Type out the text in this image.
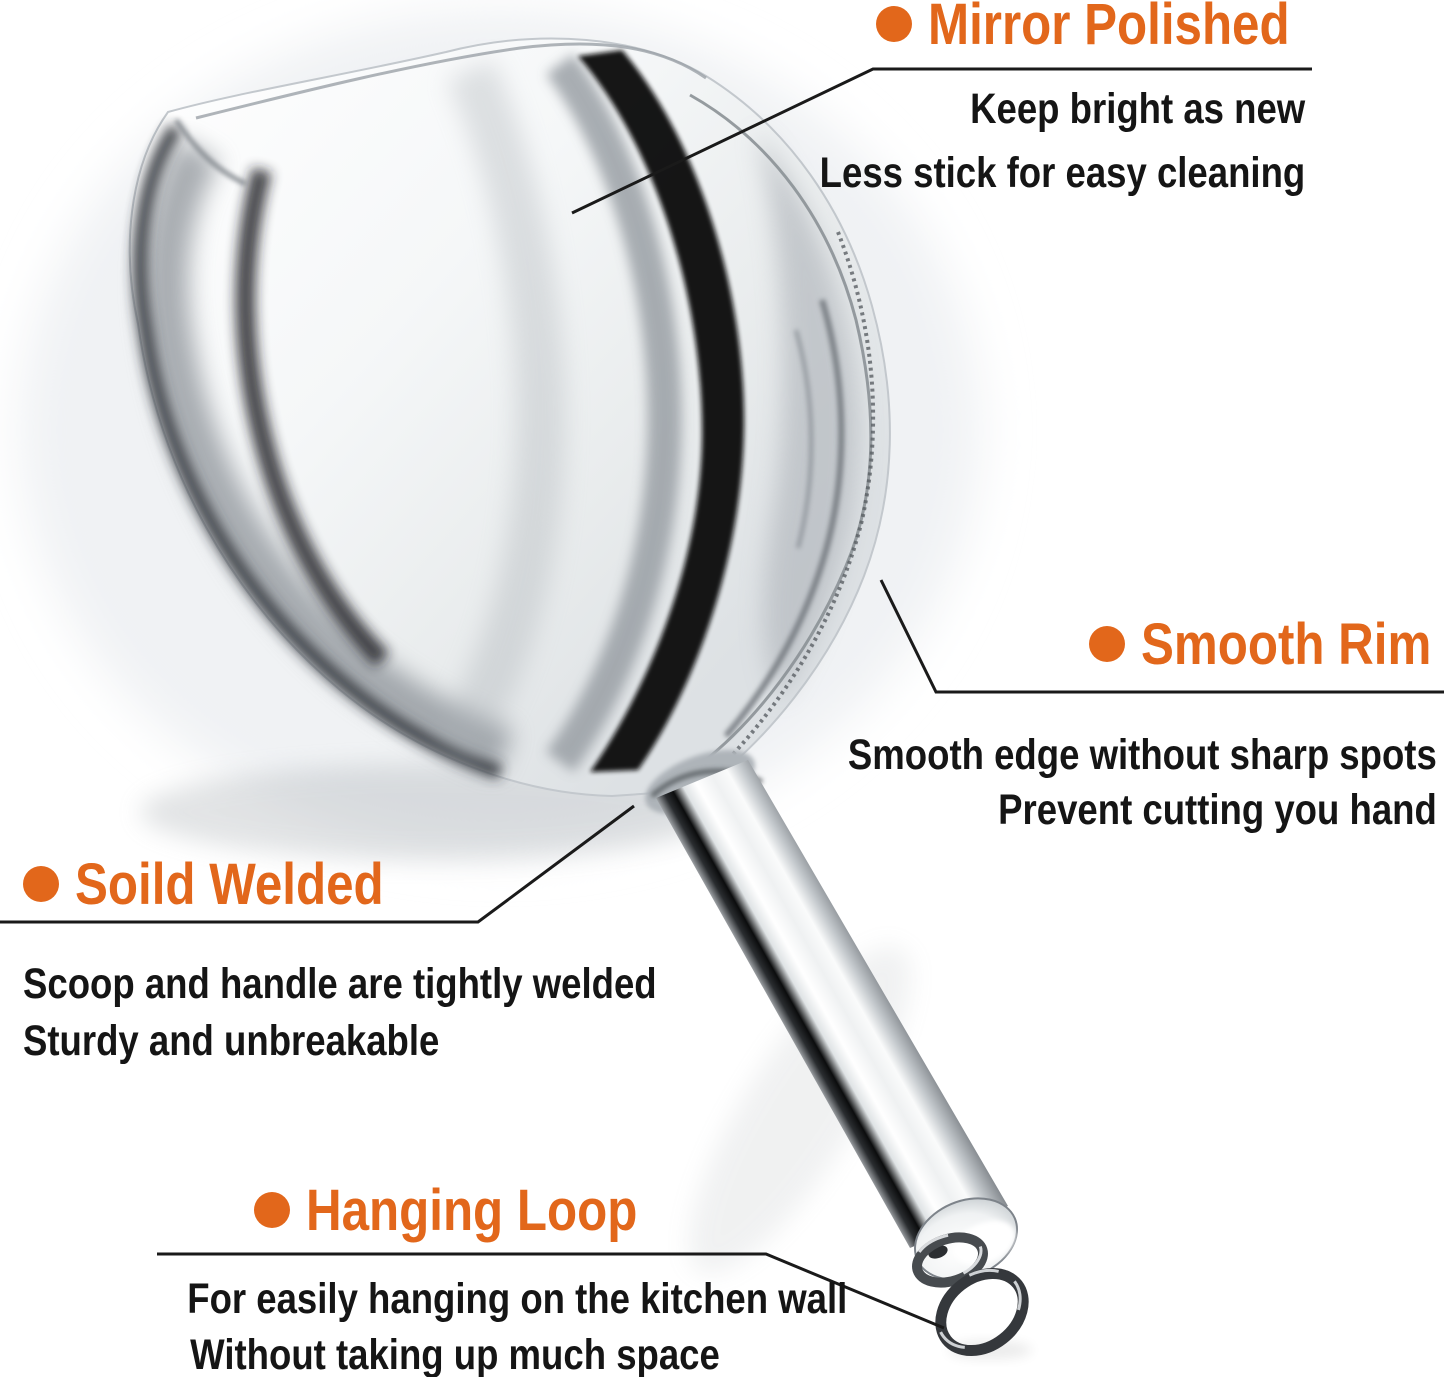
Mirror Polished
Keep bright as new
Less stick for easy cleaning
Smooth Rim
Smooth edge without sharp spots
Prevent cutting you hand
Soild Welded
Scoop and handle are tightly welded
Sturdy and unbreakable
Hanging Loop
For easily hanging on the kitchen wall
Without taking up much space
